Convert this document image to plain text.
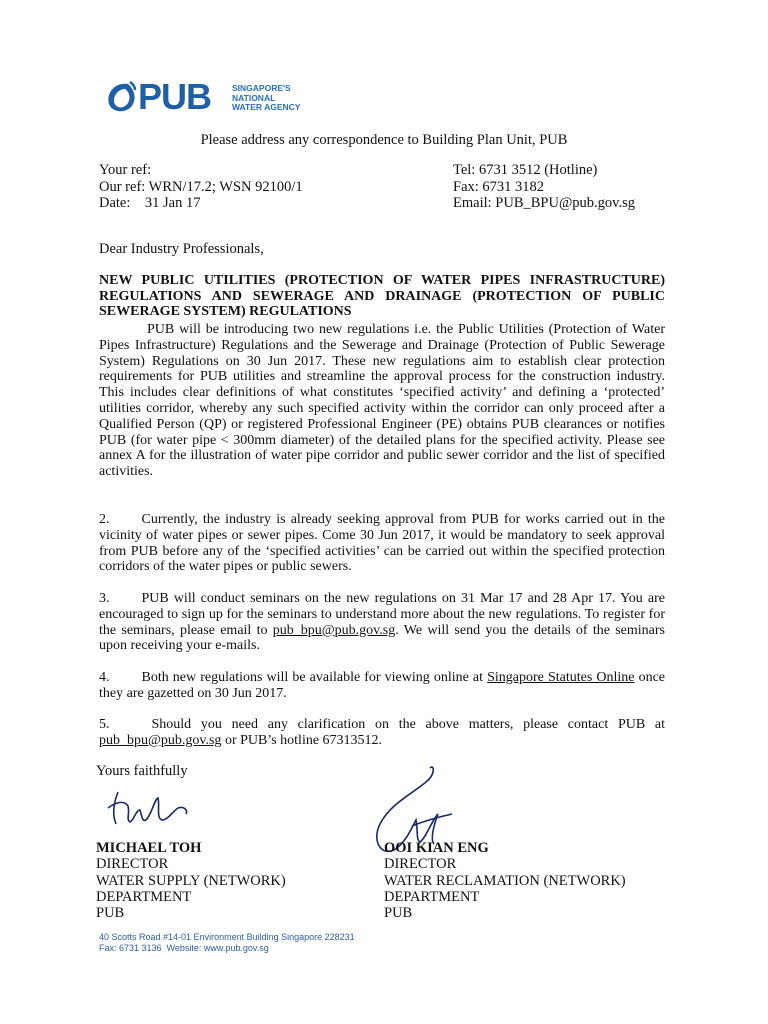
PUB SINGAPORE'S
NATIONAL
WATER AGENCY
Please address any correspondence to Building Plan Unit, PUB
Your ref:
Our ref: WRN/17.2; WSN 92100/1
Date:    31 Jan 17
Tel: 6731 3512 (Hotline)
Fax: 6731 3182
Email: PUB_BPU@pub.gov.sg
Dear Industry Professionals,
NEW PUBLIC UTILITIES (PROTECTION OF WATER PIPES INFRASTRUCTURE) REGULATIONS AND SEWERAGE AND DRAINAGE (PROTECTION OF PUBLIC SEWERAGE SYSTEM) REGULATIONS
PUB will be introducing two new regulations i.e. the Public Utilities (Protection of Water Pipes Infrastructure) Regulations and the Sewerage and Drainage (Protection of Public Sewerage System) Regulations on 30 Jun 2017. These new regulations aim to establish clear protection requirements for PUB utilities and streamline the approval process for the construction industry. This includes clear definitions of what constitutes ‘specified activity’ and defining a ‘protected’ utilities corridor, whereby any such specified activity within the corridor can only proceed after a Qualified Person (QP) or registered Professional Engineer (PE) obtains PUB clearances or notifies PUB (for water pipe < 300mm diameter) of the detailed plans for the specified activity. Please see annex A for the illustration of water pipe corridor and public sewer corridor and the list of specified activities.
2. Currently, the industry is already seeking approval from PUB for works carried out in the vicinity of water pipes or sewer pipes. Come 30 Jun 2017, it would be mandatory to seek approval from PUB before any of the ‘specified activities’ can be carried out within the specified protection corridors of the water pipes or public sewers.
3. PUB will conduct seminars on the new regulations on 31 Mar 17 and 28 Apr 17. You are encouraged to sign up for the seminars to understand more about the new regulations. To register for the seminars, please email to pub_bpu@pub.gov.sg. We will send you the details of the seminars upon receiving your e-mails.
4. Both new regulations will be available for viewing online at Singapore Statutes Online once they are gazetted on 30 Jun 2017.
5.	Should you need any clarification on the above matters, please contact PUB at pub_bpu@pub.gov.sg or PUB’s hotline 67313512.
Yours faithfully
MICHAEL TOH
DIRECTOR
WATER SUPPLY (NETWORK)
DEPARTMENT
PUB
OOI KIAN ENG
DIRECTOR
WATER RECLAMATION (NETWORK)
DEPARTMENT
PUB
40 Scotts Road #14-01 Environment Building Singapore 228231
Fax: 6731 3136  Website: www.pub.gov.sg
